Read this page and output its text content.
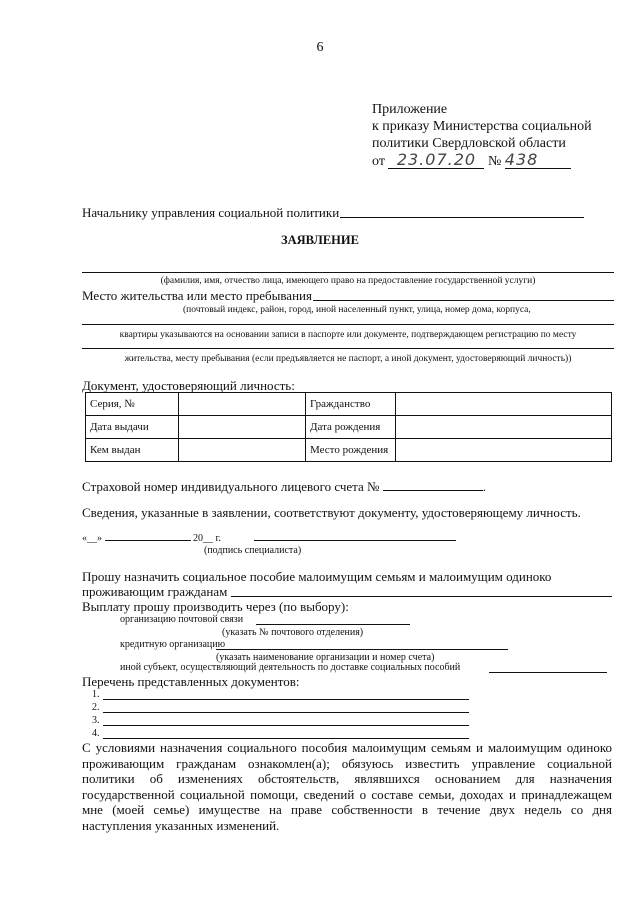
6
Приложение
к приказу Министерства социальной
политики Свердловской области
от 23.07.20 № 438
Начальнику управления социальной политики
ЗАЯВЛЕНИЕ
(фамилия, имя, отчество лица, имеющего право на предоставление государственной услуги)
Место жительства или место пребывания
(почтовый индекс, район, город, иной населенный пункт, улица, номер дома, корпуса,
квартиры указываются на основании записи в паспорте или документе, подтверждающем регистрацию по месту
жительства, месту пребывания (если предъявляется не паспорт, а иной документ, удостоверяющий личность))
Документ, удостоверяющий личность:
Серия, №		Гражданство	
Дата выдачи		Дата рождения	
Кем выдан		Место рождения	
Страховой номер индивидуального лицевого счета №	.
Сведения, указанные в заявлении, соответствуют документу, удостоверяющему личность.
«__»	20__ г.
(подпись специалиста)
Прошу назначить социальное пособие малоимущим семьям и малоимущим одиноко
проживающим гражданам
Выплату прошу производить через (по выбору):
организацию почтовой связи
(указать № почтового отделения)
кредитную организацию
(указать наименование организации и номер счета)
иной субъект, осуществляющий деятельность по доставке социальных пособий
Перечень представленных документов:
1.
2.
3.
4.
С условиями назначения социального пособия малоимущим семьям и малоимущим одиноко проживающим гражданам ознакомлен(а); обязуюсь известить управление социальной политики об изменениях обстоятельств, являвшихся основанием для назначения государственной социальной помощи, сведений о составе семьи, доходах и принадлежащем мне (моей семье) имуществе на праве собственности в течение двух недель со дня наступления указанных изменений.
